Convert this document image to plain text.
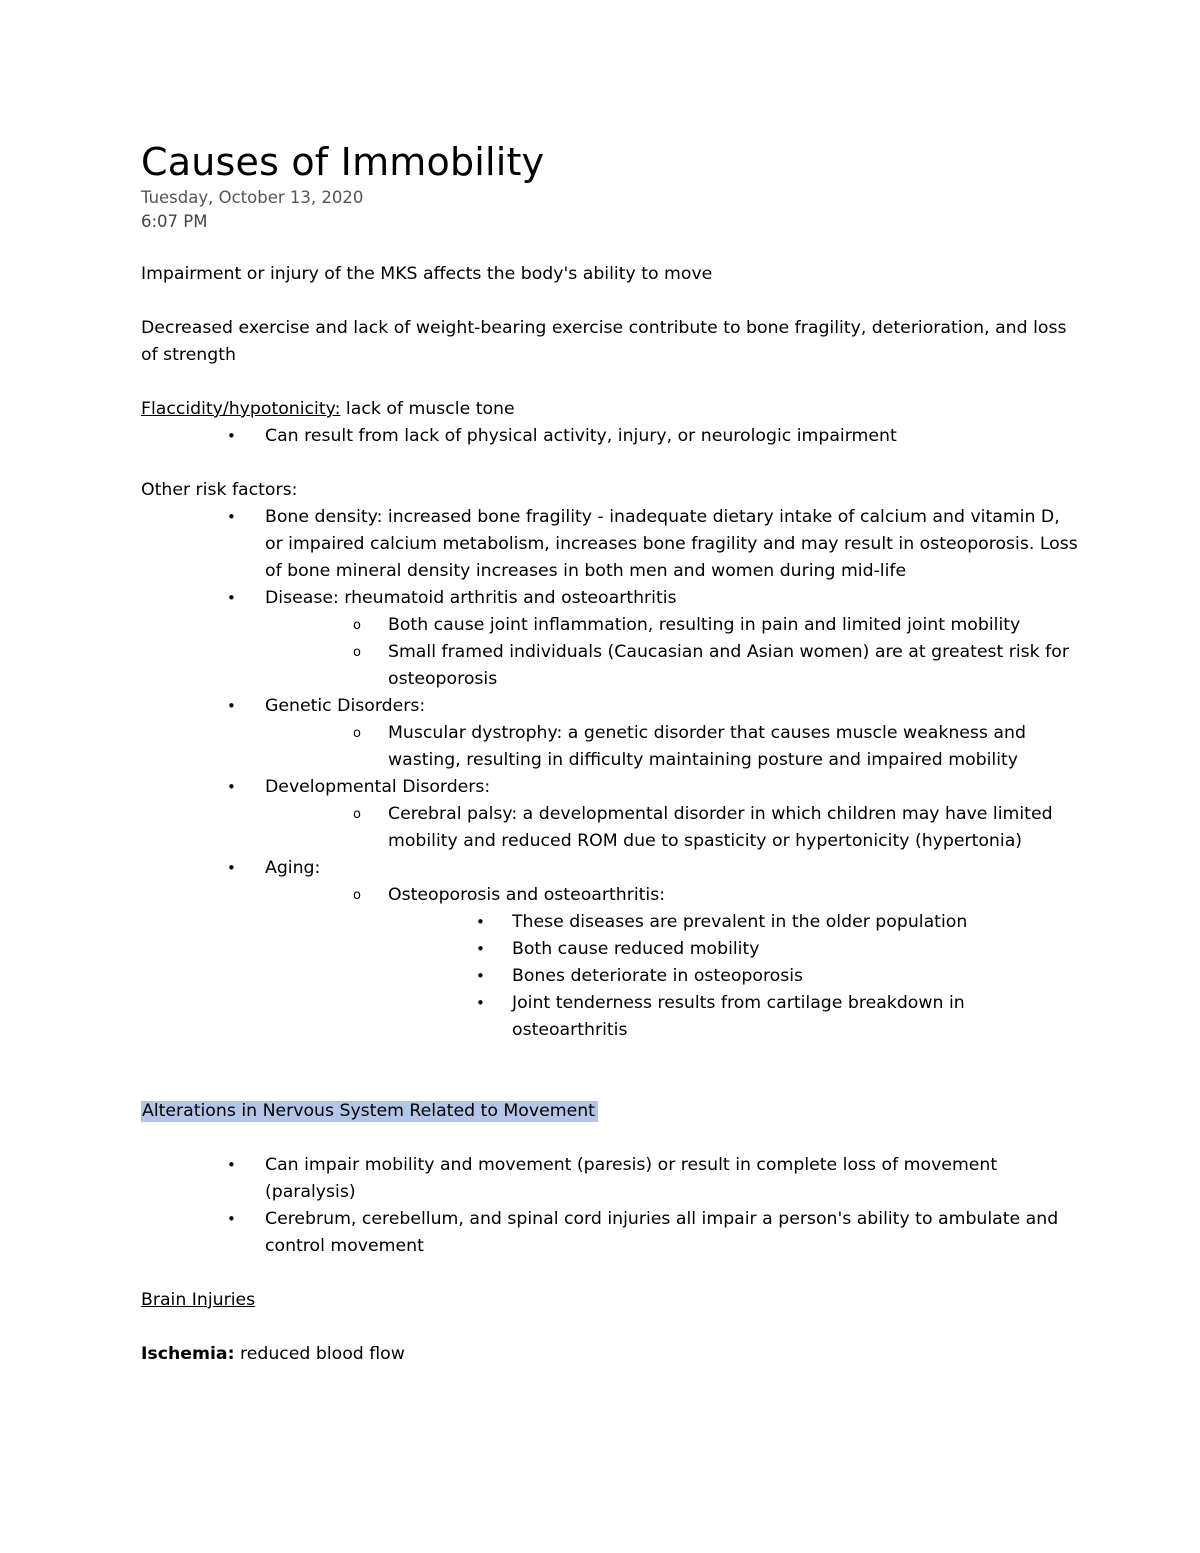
Causes of Immobility
Tuesday, October 13, 2020
6:07 PM

Impairment or injury of the MKS affects the body's ability to move

Decreased exercise and lack of weight-bearing exercise contribute to bone fragility, deterioration, and loss of strength

Flaccidity/hypotonicity: lack of muscle tone

• Can result from lack of physical activity, injury, or neurologic impairment

Other risk factors:

• Bone density: increased bone fragility - inadequate dietary intake of calcium and vitamin D, or impaired calcium metabolism, increases bone fragility and may result in osteoporosis. Loss of bone mineral density increases in both men and women during mid-life
• Disease: rheumatoid arthritis and osteoarthritis
o Both cause joint inflammation, resulting in pain and limited joint mobility
o Small framed individuals (Caucasian and Asian women) are at greatest risk for osteoporosis
• Genetic Disorders:
o Muscular dystrophy: a genetic disorder that causes muscle weakness and wasting, resulting in difficulty maintaining posture and impaired mobility
• Developmental Disorders:
o Cerebral palsy: a developmental disorder in which children may have limited mobility and reduced ROM due to spasticity or hypertonicity (hypertonia)
• Aging:
o Osteoporosis and osteoarthritis:
• These diseases are prevalent in the older population
• Both cause reduced mobility
• Bones deteriorate in osteoporosis
• Joint tenderness results from cartilage breakdown in osteoarthritis

Alterations in Nervous System Related to Movement

• Can impair mobility and movement (paresis) or result in complete loss of movement (paralysis)
• Cerebrum, cerebellum, and spinal cord injuries all impair a person's ability to ambulate and control movement

Brain Injuries

Ischemia: reduced blood flow
